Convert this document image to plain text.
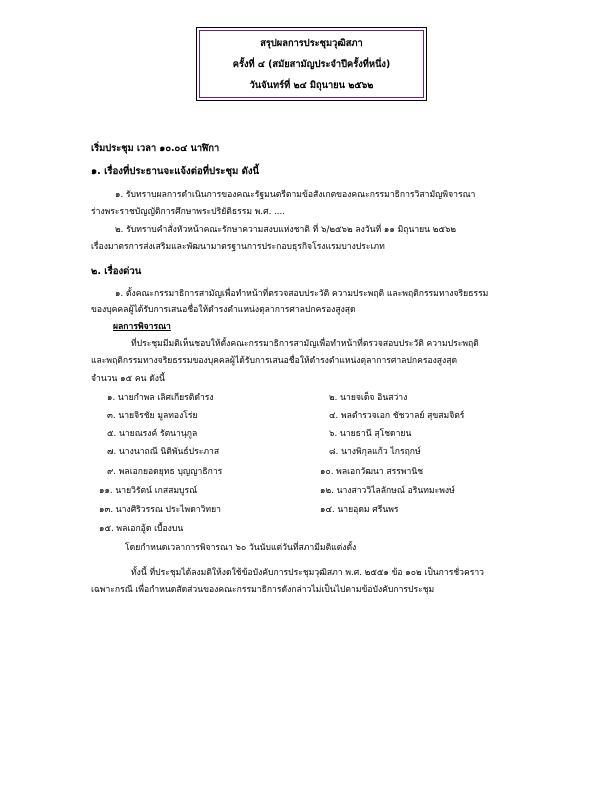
สรุปผลการประชุมวุฒิสภา
ครั้งที่ ๔ (สมัยสามัญประจำปีครั้งที่หนึ่ง)
วันจันทร์ที่ ๒๔ มิถุนายน ๒๕๖๒
เริ่มประชุม เวลา ๑๐.๐๔ นาฬิกา
๑. เรื่องที่ประธานจะแจ้งต่อที่ประชุม ดังนี้
๑. รับทราบผลการดำเนินการของคณะรัฐมนตรีตามข้อสังเกตของคณะกรรมาธิการวิสามัญพิจารณา
ร่างพระราชบัญญัติการศึกษาพระปริยัติธรรม พ.ศ. ....
๒. รับทราบคำสั่งหัวหน้าคณะรักษาความสงบแห่งชาติ ที่ ๖/๒๕๖๒ ลงวันที่ ๑๑ มิถุนายน ๒๕๖๒
เรื่องมาตรการส่งเสริมและพัฒนามาตรฐานการประกอบธุรกิจโรงแรมบางประเภท
๒. เรื่องด่วน
๑. ตั้งคณะกรรมาธิการสามัญเพื่อทำหน้าที่ตรวจสอบประวัติ ความประพฤติ และพฤติกรรมทางจริยธรรม
ของบุคคลผู้ได้รับการเสนอชื่อให้ดำรงตำแหน่งตุลาการศาลปกครองสูงสุด
ผลการพิจารณา
ที่ประชุมมีมติเห็นชอบให้ตั้งคณะกรรมาธิการสามัญเพื่อทำหน้าที่ตรวจสอบประวัติ ความประพฤติ
และพฤติกรรมทางจริยธรรมของบุคคลผู้ได้รับการเสนอชื่อให้ดำรงตำแหน่งตุลาการศาลปกครองสูงสุด
จำนวน ๑๕ คน ดังนี้
๑. นายกำพล เลิศเกียรติดำรง	๒. นายจเด็จ อินสว่าง
๓. นายจิรชัย มูลทองโร่ย	๔. พลตำรวจเอก ชัชวาลย์ สุขสมจิตร์
๕. นายณรงค์ รัตนานุกูล	๖. นายธานี สุโชดายน
๗. นางนาถณี นิติพันธ์ประภาส	๘. นางพิกุลแก้ว ไกรฤกษ์
๙. พลเอกยอดยุทธ บุญญาธิการ	๑๐. พลเอกวัฒนา สรรพานิช
๑๑. นายวิรัตน์ เกสสมบูรณ์	๑๒. นางสาววิไลลักษณ์ อรินทมะพงษ์
๑๓. นางศิริวรรณ ประไพดาวิทยา	๑๔. นายอุดม ศรีนพร
๑๕. พลเอกอู้ด เบื้องบน
โดยกำหนดเวลาการพิจารณา ๖๐ วันนับแต่วันที่สภามีมติแต่งตั้ง
ทั้งนี้ ที่ประชุมได้ลงมติให้งดใช้ข้อบังคับการประชุมวุฒิสภา พ.ศ. ๒๕๕๑ ข้อ ๑๐๒ เป็นการชั่วคราว
เฉพาะกรณี เพื่อกำหนดสัดส่วนของคณะกรรมาธิการดังกล่าวไม่เป็นไปตามข้อบังคับการประชุม
